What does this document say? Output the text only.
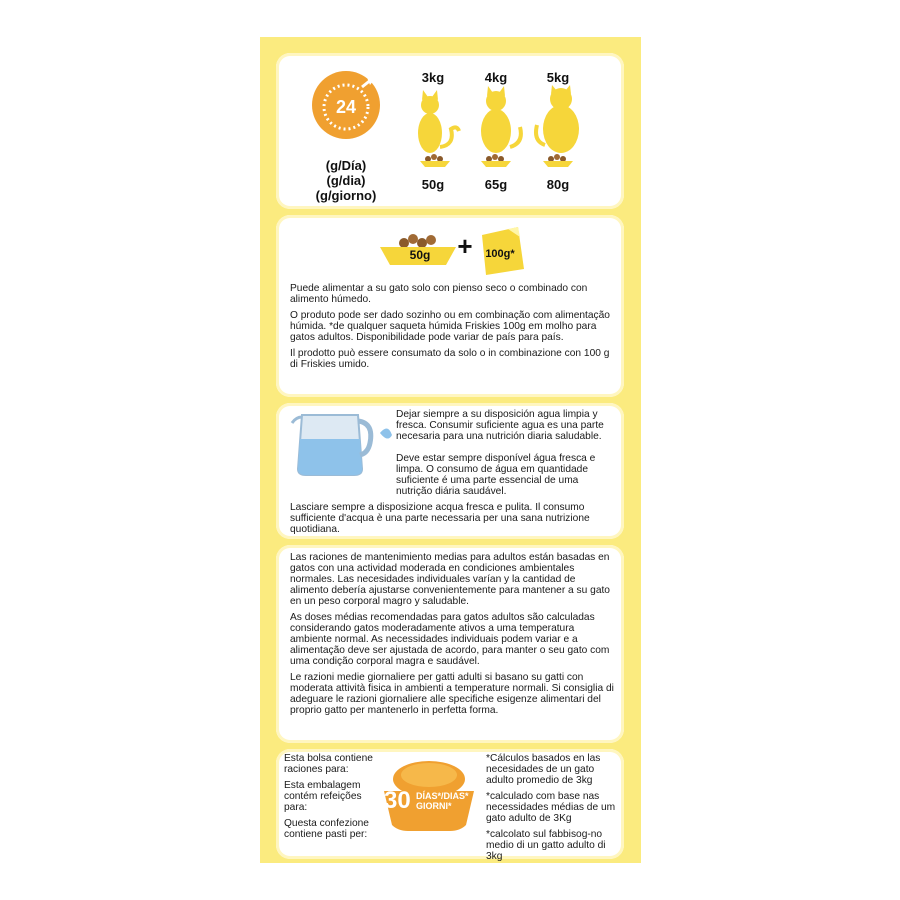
24
(g/Día)
(g/dia)
(g/giorno)
3kg
50g
4kg
65g
5kg
80g
50g	+	100g*

Puede alimentar a su gato solo con pienso seco o combinado con alimento húmedo.

O produto pode ser dado sozinho ou em combinação com alimentação húmida. *de qualquer saqueta húmida Friskies 100g em molho para gatos adultos. Disponibilidade pode variar de país para país.

Il prodotto può essere consumato da solo o in combinazione con 100 g di Friskies umido.

Dejar siempre a su disposición agua limpia y fresca. Consumir suficiente agua es una parte necesaria para una nutrición diaria saludable.

Deve estar sempre disponível água fresca e limpa. O consumo de água em quantidade suficiente é uma parte essencial de uma nutrição diária saudável.

Lasciare sempre a disposizione acqua fresca e pulita. Il consumo sufficiente d'acqua è una parte necessaria per una sana nutrizione quotidiana.

Las raciones de mantenimiento medias para adultos están basadas en gatos con una actividad moderada en condiciones ambientales normales. Las necesidades individuales varían y la cantidad de alimento debería ajustarse convenientemente para mantener a su gato en un peso corporal magro y saludable.

As doses médias recomendadas para gatos adultos são calculadas considerando gatos moderadamente ativos a uma temperatura ambiente normal. As necessidades individuais podem variar e a alimentação deve ser ajustada de acordo, para manter o seu gato com uma condição corporal magra e saudável.

Le razioni medie giornaliere per gatti adulti si basano su gatti con moderata attività fisica in ambienti a temperature normali. Si consiglia di adeguare le razioni giornaliere alle specifiche esigenze alimentari del proprio gatto per mantenerlo in perfetta forma.

Esta bolsa contiene raciones para:

Esta embalagem contém refeições para:

Questa confezione contiene pasti per:

30 DÍAS*/DIAS*
GIORNI*

*Cálculos basados en las necesidades de un gato adulto promedio de 3kg

*calculado com base nas necessidades médias de um gato adulto de 3Kg

*calcolato sul fabbisog-no medio di un gatto adulto di 3kg
